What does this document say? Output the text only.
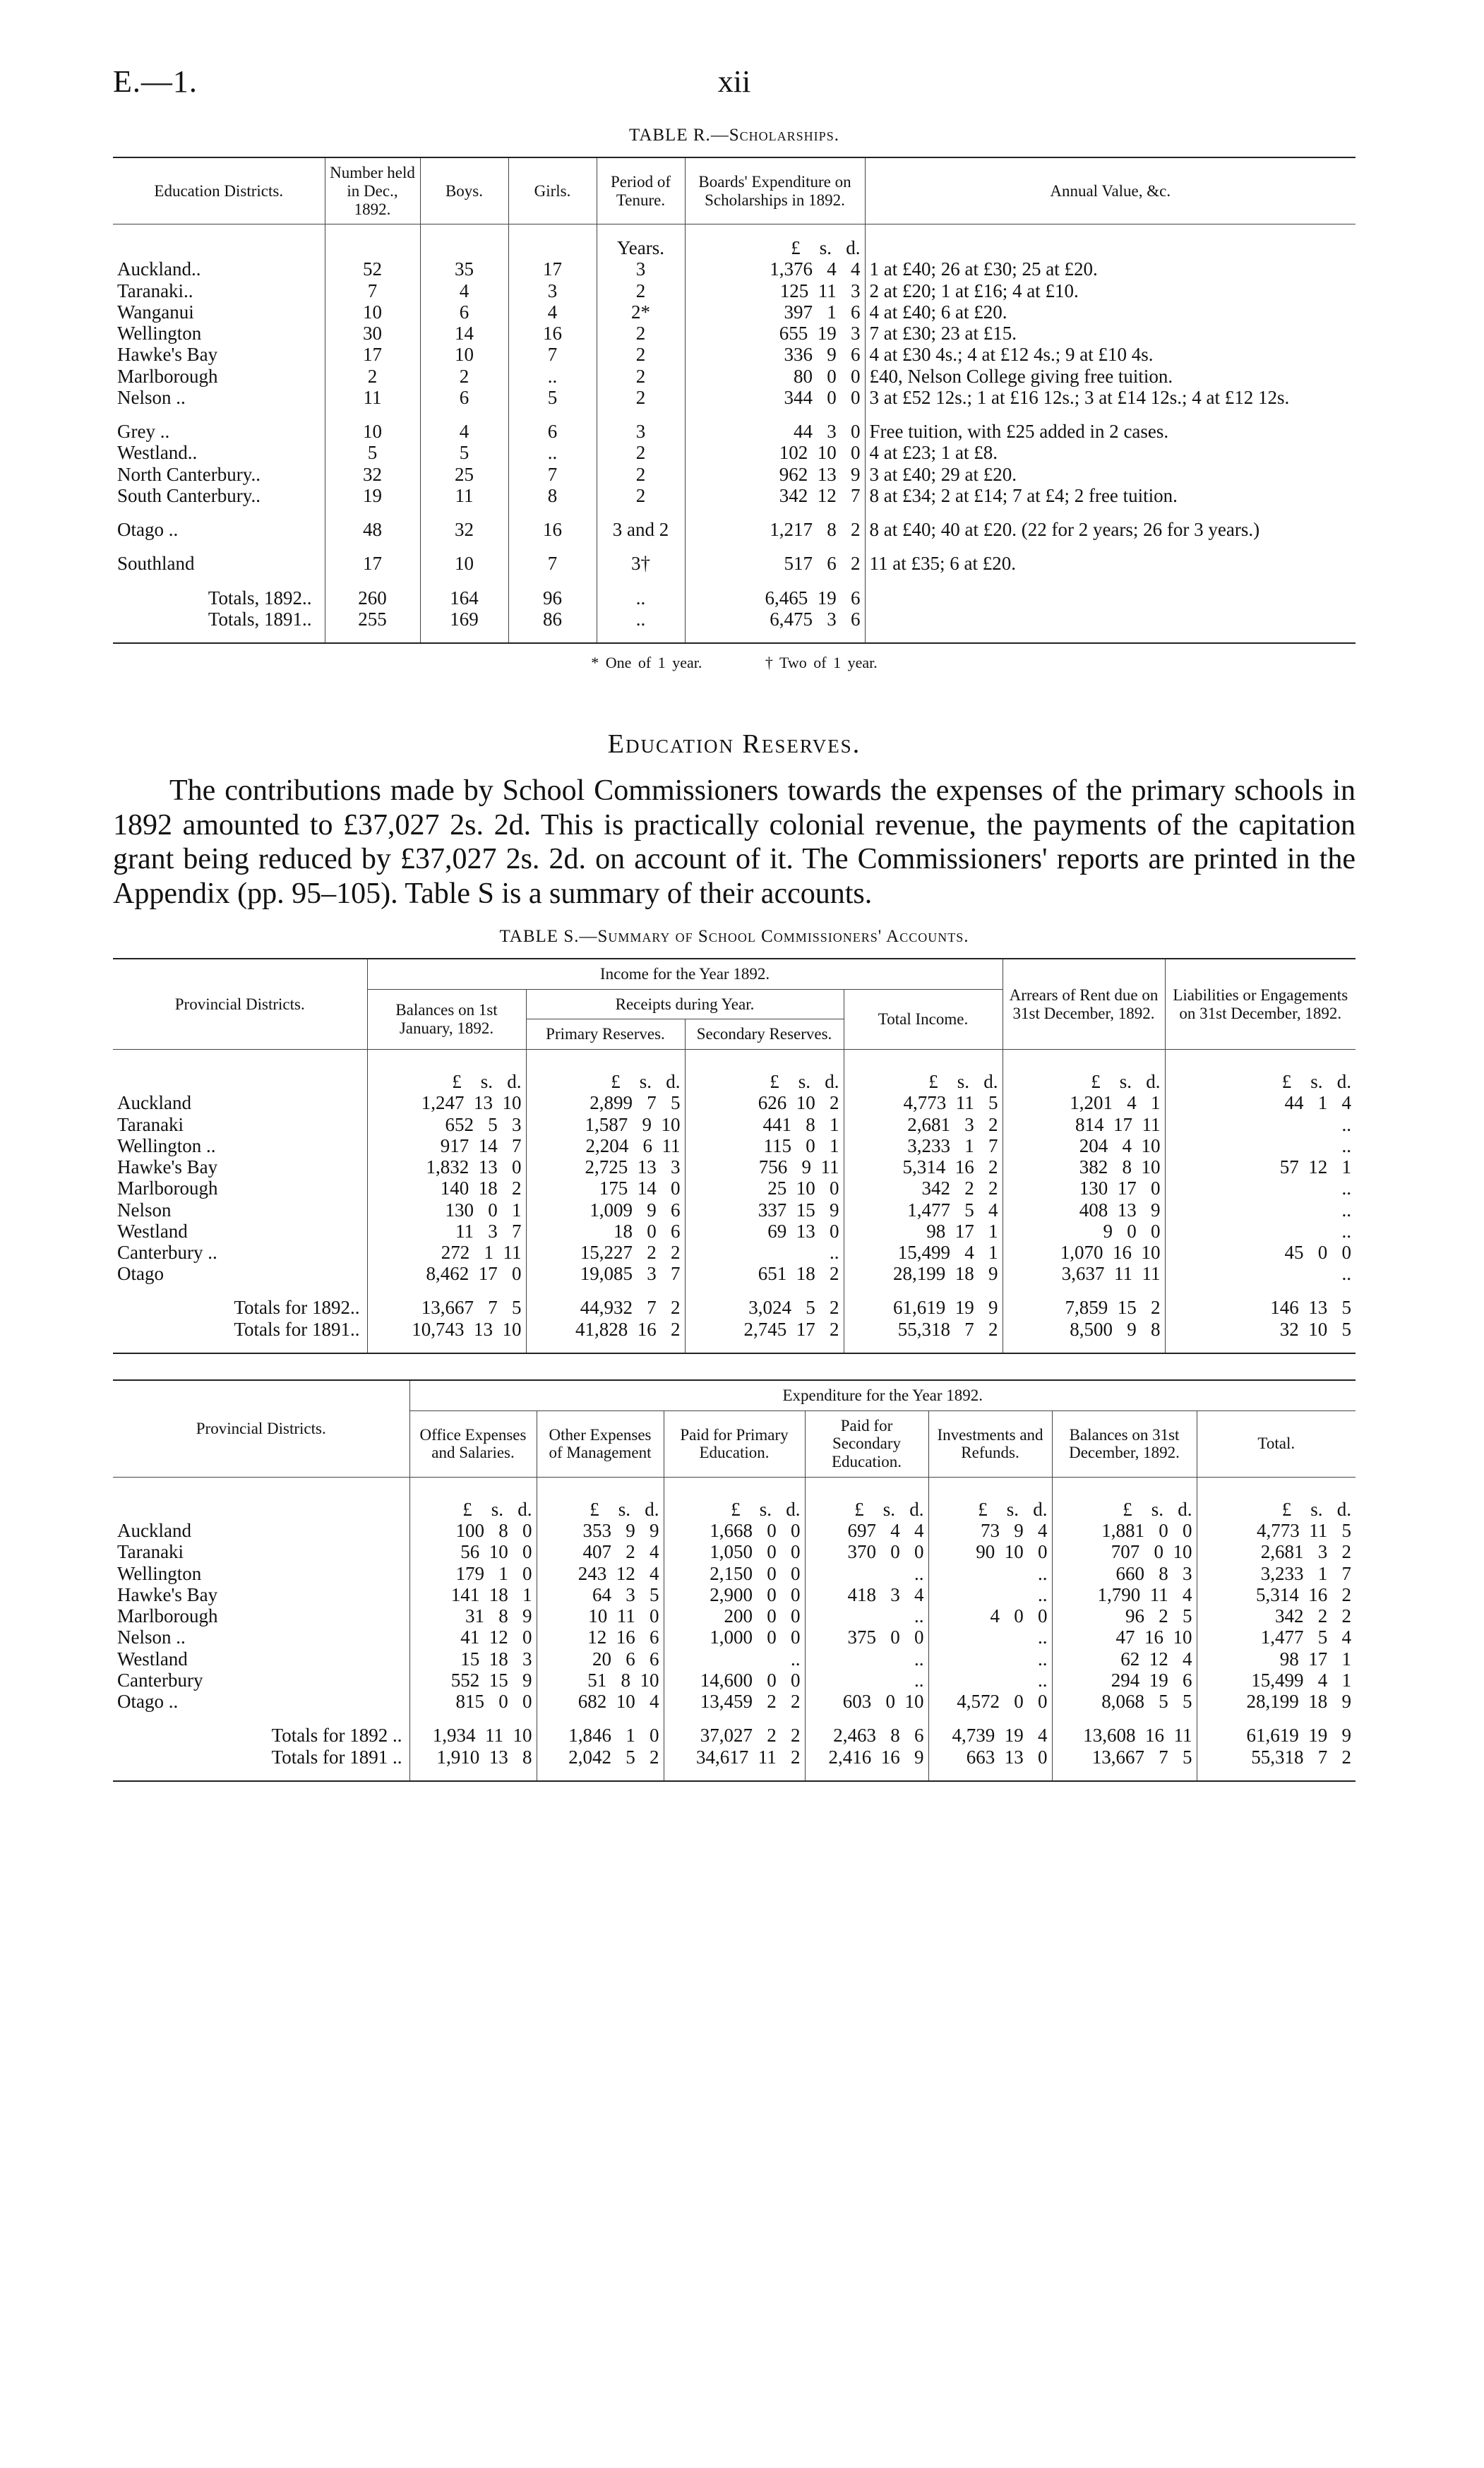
E.—1.	xii
TABLE R.—Scholarships.
Education Districts.	Number held in Dec., 1892.	Boys.	Girls.	Period of Tenure.	Boards' Expenditure on Scholarships in 1892.	Annual Value, &c.

				Years.	£    s.   d.	
Auckland..	52	35	17	3	1,376   4   4	1 at £40; 26 at £30; 25 at £20.
Taranaki..	7	4	3	2	125  11   3	2 at £20; 1 at £16; 4 at £10.
Wanganui	10	6	4	2*	397   1   6	4 at £40; 6 at £20.
Wellington	30	14	16	2	655  19   3	7 at £30; 23 at £15.
Hawke's Bay	17	10	7	2	336   9   6	4 at £30 4s.; 4 at £12 4s.; 9 at £10 4s.
Marlborough	2	2	..	2	80   0   0	£40, Nelson College giving free tuition.
Nelson ..	11	6	5	2	344   0   0	3 at £52 12s.; 1 at £16 12s.; 3 at £14 12s.; 4 at £12 12s.

Grey ..	10	4	6	3	44   3   0	Free tuition, with £25 added in 2 cases.
Westland..	5	5	..	2	102  10   0	4 at £23; 1 at £8.
North Canterbury..	32	25	7	2	962  13   9	3 at £40; 29 at £20.
South Canterbury..	19	11	8	2	342  12   7	8 at £34; 2 at £14; 7 at £4; 2 free tuition.

Otago ..	48	32	16	3 and 2	1,217   8   2	8 at £40; 40 at £20. (22 for 2 years; 26 for 3 years.)

Southland	17	10	7	3†	517   6   2	11 at £35; 6 at £20.

Totals, 1892..	260	164	96	..	6,465  19   6	
Totals, 1891..	255	169	86	..	6,475   3   6	

* One of 1 year.	† Two of 1 year.
Education Reserves.

The contributions made by School Commissioners towards the expenses of the primary schools in 1892 amounted to £37,027 2s. 2d. This is practically colonial revenue, the payments of the capitation grant being reduced by £37,027 2s. 2d. on account of it. The Commissioners' reports are printed in the Appendix (pp. 95–105). Table S is a summary of their accounts.

TABLE S.—Summary of School Commissioners' Accounts.
Provincial Districts.	Income for the Year 1892.				Arrears of Rent due on 31st December, 1892.	Liabilities or Engagements on 31st December, 1892.
	Balances on 1st January, 1892.	Receipts during Year.		Total Income.		
		Primary Reserves.	Secondary Reserves.			

	£    s.   d.	£    s.   d.	£    s.   d.	£    s.   d.	£    s.   d.	£    s.   d.
Auckland	1,247  13  10	2,899   7   5	626  10   2	4,773  11   5	1,201   4   1	44   1   4
Taranaki	652   5   3	1,587   9  10	441   8   1	2,681   3   2	814  17  11	..
Wellington ..	917  14   7	2,204   6  11	115   0   1	3,233   1   7	204   4  10	..
Hawke's Bay	1,832  13   0	2,725  13   3	756   9  11	5,314  16   2	382   8  10	57  12   1
Marlborough	140  18   2	175  14   0	25  10   0	342   2   2	130  17   0	..
Nelson	130   0   1	1,009   9   6	337  15   9	1,477   5   4	408  13   9	..
Westland	11   3   7	18   0   6	69  13   0	98  17   1	9   0   0	..
Canterbury ..	272   1  11	15,227   2   2	..	15,499   4   1	1,070  16  10	45   0   0
Otago	8,462  17   0	19,085   3   7	651  18   2	28,199  18   9	3,637  11  11	..

Totals for 1892..	13,667   7   5	44,932   7   2	3,024   5   2	61,619  19   9	7,859  15   2	146  13   5
Totals for 1891..	10,743  13  10	41,828  16   2	2,745  17   2	55,318   7   2	8,500   9   8	32  10   5

Provincial Districts.	Expenditure for the Year 1892.						
	Office Expenses and Salaries.	Other Expenses of Management	Paid for Primary Education.	Paid for Secondary Education.	Investments and Refunds.	Balances on 31st December, 1892.	Total.

	£    s.   d.	£    s.   d.	£    s.   d.	£    s.   d.	£    s.   d.	£    s.   d.	£    s.   d.
Auckland	100   8   0	353   9   9	1,668   0   0	697   4   4	73   9   4	1,881   0   0	4,773  11   5
Taranaki	56  10   0	407   2   4	1,050   0   0	370   0   0	90  10   0	707   0  10	2,681   3   2
Wellington	179   1   0	243  12   4	2,150   0   0	..	..	660   8   3	3,233   1   7
Hawke's Bay	141  18   1	64   3   5	2,900   0   0	418   3   4	..	1,790  11   4	5,314  16   2
Marlborough	31   8   9	10  11   0	200   0   0	..	4   0   0	96   2   5	342   2   2
Nelson ..	41  12   0	12  16   6	1,000   0   0	375   0   0	..	47  16  10	1,477   5   4
Westland	15  18   3	20   6   6	..	..	..	62  12   4	98  17   1
Canterbury	552  15   9	51   8  10	14,600   0   0	..	..	294  19   6	15,499   4   1
Otago ..	815   0   0	682  10   4	13,459   2   2	603   0  10	4,572   0   0	8,068   5   5	28,199  18   9

Totals for 1892 ..	1,934  11  10	1,846   1   0	37,027   2   2	2,463   8   6	4,739  19   4	13,608  16  11	61,619  19   9
Totals for 1891 ..	1,910  13   8	2,042   5   2	34,617  11   2	2,416  16   9	663  13   0	13,667   7   5	55,318   7   2
